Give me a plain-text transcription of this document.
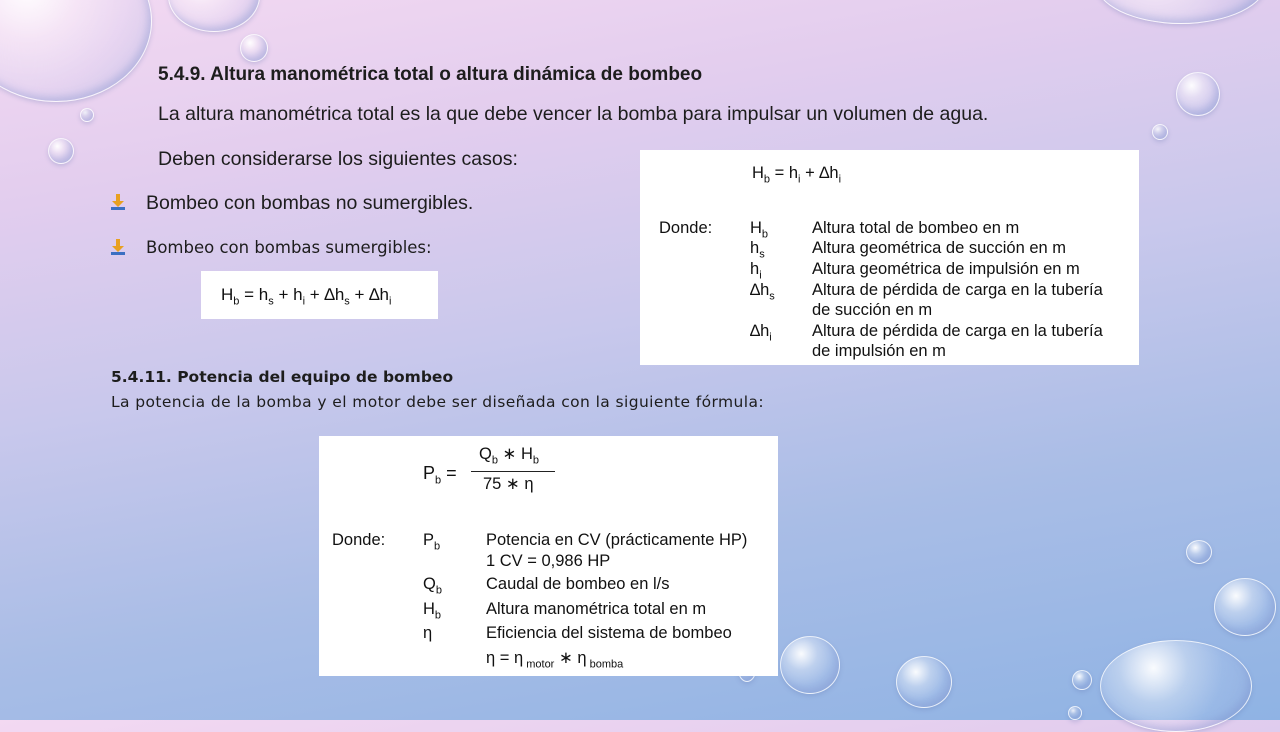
5.4.9. Altura manométrica total o altura dinámica de bombeo
La altura manométrica total es la que debe vencer la bomba para impulsar un volumen de agua.
Deben considerarse los siguientes casos:
Bombeo con bombas no sumergibles.
Bombeo con bombas sumergibles:
$H_b = h_i + \Delta h_i$
Donde: $H_b$	Altura total de bombeo en m
$h_s$	Altura geométrica de succión en m
$h_i$	Altura geométrica de impulsión en m
$\Delta h_s$ Altura de pérdida de carga en la tubería
de succión en m
$\Delta h_i$ Altura de pérdida de carga en la tubería
de impulsión en m
$H_b = h_s + h_i + \Delta h_s + \Delta h_i$
5.4.11. Potencia del equipo de bombeo
La potencia de la bomba y el motor debe ser diseñada con la siguiente fórmula:
$P_b$ =
$Q_b$ ∗ $H_b$
75 ∗ η
Donde: $P_b$	Potencia en CV (prácticamente HP)
1 CV = 0,986 HP
$Q_b$	Caudal de bombeo en l/s
$H_b$	Altura manométrica total en m
η	Eficiencia del sistema de bombeo
η = η $_{motor}$ ∗ η $_{bomba}$
